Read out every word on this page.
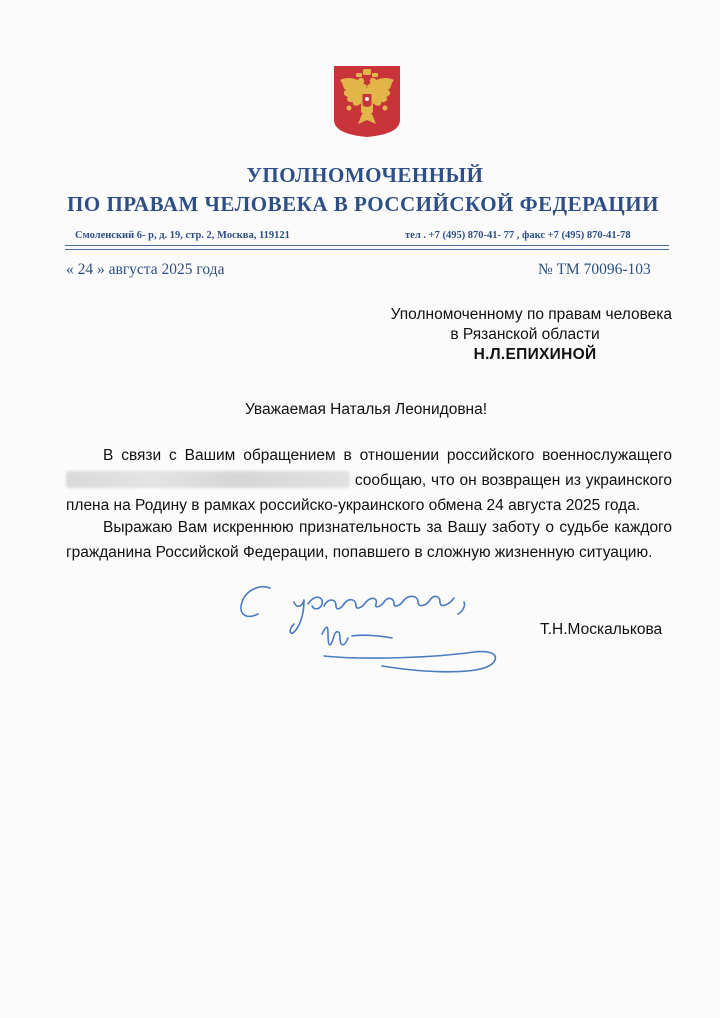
УПОЛНОМОЧЕННЫЙ
ПО ПРАВАМ ЧЕЛОВЕКА В РОССИЙСКОЙ ФЕДЕРАЦИИ
Смоленский 6- р, д. 19, стр. 2, Москва, 119121	тел . +7 (495) 870-41- 77 , факс +7 (495) 870-41-78
« 24 » августа 2025 года	№ ТМ 70096-103
Уполномоченному по правам человека
в Рязанской области
Н.Л.ЕПИХИНОЙ
Уважаемая Наталья Леонидовна!
В связи с Вашим обращением в отношении российского военнослужащего  сообщаю, что он возвращен из украинского плена на Родину в рамках российско-украинского обмена 24 августа 2025 года.
Выражаю Вам искреннюю признательность за Вашу заботу о судьбе каждого гражданина Российской Федерации, попавшего в сложную жизненную ситуацию.
Т.Н.Москалькова
